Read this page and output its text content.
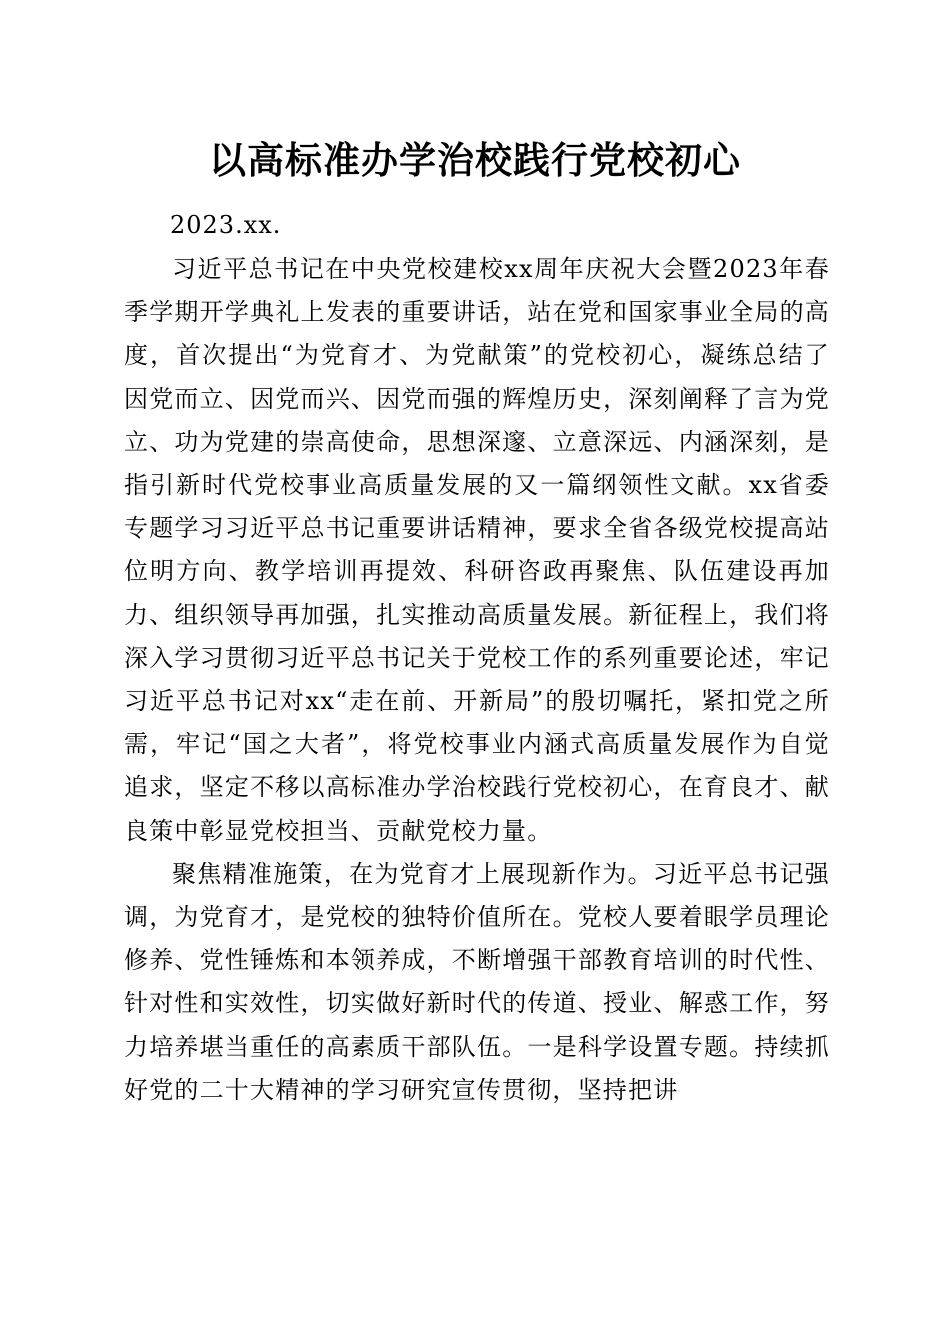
以高标准办学治校践行党校初心

2023.xx.

习近平总书记在中央党校建校xx周年庆祝大会暨2023年春季学期开学典礼上发表的重要讲话，站在党和国家事业全局的高度，首次提出“为党育才、为党献策”的党校初心，凝练总结了因党而立、因党而兴、因党而强的辉煌历史，深刻阐释了言为党立、功为党建的崇高使命，思想深邃、立意深远、内涵深刻，是指引新时代党校事业高质量发展的又一篇纲领性文献。xx省委专题学习习近平总书记重要讲话精神，要求全省各级党校提高站位明方向、教学培训再提效、科研咨政再聚焦、队伍建设再加力、组织领导再加强，扎实推动高质量发展。新征程上，我们将深入学习贯彻习近平总书记关于党校工作的系列重要论述，牢记习近平总书记对xx“走在前、开新局”的殷切嘱托，紧扣党之所需，牢记“国之大者”，将党校事业内涵式高质量发展作为自觉追求，坚定不移以高标准办学治校践行党校初心，在育良才、献良策中彰显党校担当、贡献党校力量。

聚焦精准施策，在为党育才上展现新作为。习近平总书记强调，为党育才，是党校的独特价值所在。党校人要着眼学员理论修养、党性锤炼和本领养成，不断增强干部教育培训的时代性、针对性和实效性，切实做好新时代的传道、授业、解惑工作，努力培养堪当重任的高素质干部队伍。一是科学设置专题。持续抓好党的二十大精神的学习研究宣传贯彻，坚持把讲
